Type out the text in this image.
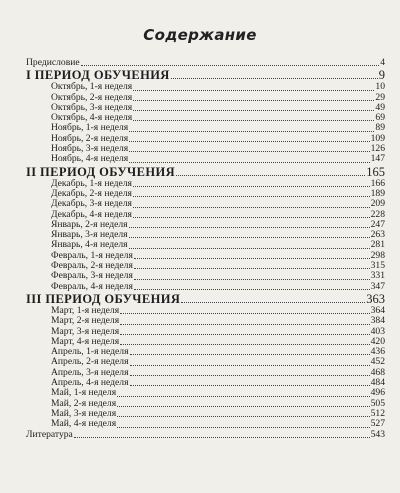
Содержание
Предисловие	4
I ПЕРИОД ОБУЧЕНИЯ	9
Октябрь, 1-я неделя	10
Октябрь, 2-я неделя	29
Октябрь, 3-я неделя	49
Октябрь, 4-я неделя	69
Ноябрь, 1-я неделя	89
Ноябрь, 2-я неделя	109
Ноябрь, 3-я неделя	126
Ноябрь, 4-я неделя	147
II ПЕРИОД ОБУЧЕНИЯ	165
Декабрь, 1-я неделя	166
Декабрь, 2-я неделя	189
Декабрь, 3-я неделя	209
Декабрь, 4-я неделя	228
Январь, 2-я неделя	247
Январь, 3-я неделя	263
Январь, 4-я неделя	281
Февраль, 1-я неделя	298
Февраль, 2-я неделя	315
Февраль, 3-я неделя	331
Февраль, 4-я неделя	347
III ПЕРИОД ОБУЧЕНИЯ	363
Март, 1-я неделя	364
Март, 2-я неделя	384
Март, 3-я неделя	403
Март, 4-я неделя	420
Апрель, 1-я неделя	436
Апрель, 2-я неделя	452
Апрель, 3-я неделя	468
Апрель, 4-я неделя	484
Май, 1-я неделя	496
Май, 2-я неделя	505
Май, 3-я неделя	512
Май, 4-я неделя	527
Литература	543
